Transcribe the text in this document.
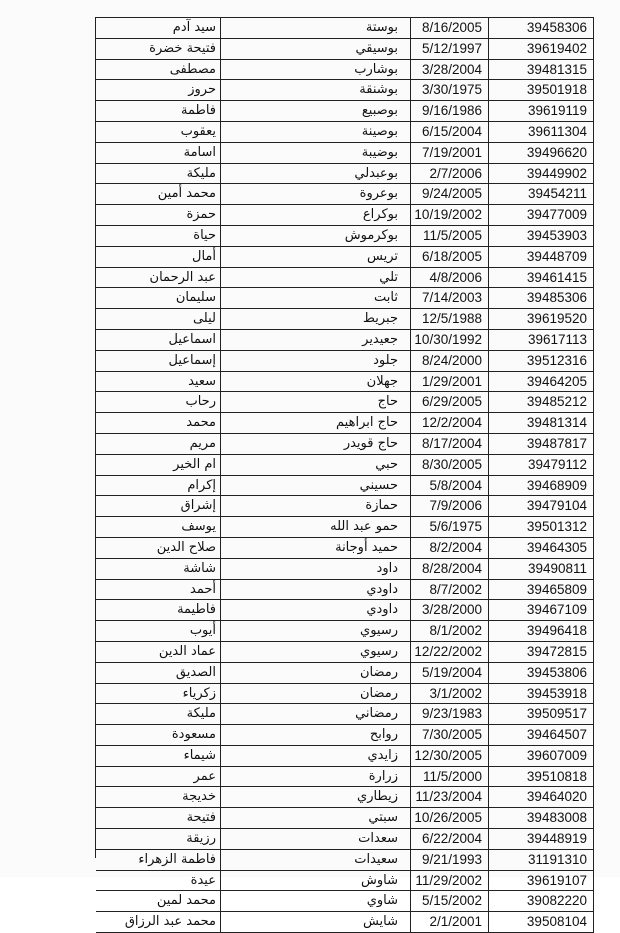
سيد آدم	بوستة	8/16/2005	39458306
فتيحة خضرة	بوسيقي	5/12/1997	39619402
مصطفى	بوشارب	3/28/2004	39481315
حروز	بوشنقة	3/30/1975	39501918
فاطمة	بوصبيع	9/16/1986	39619119
يعقوب	بوصينة	6/15/2004	39611304
اسامة	بوضيبة	7/19/2001	39496620
مليكة	بوعبدلي	2/7/2006	39449902
محمد أمين	بوعروة	9/24/2005	39454211
حمزة	بوكراع	10/19/2002	39477009
حياة	بوكرموش	11/5/2005	39453903
أمال	تريس	6/18/2005	39448709
عبد الرحمان	تلي	4/8/2006	39461415
سليمان	ثابت	7/14/2003	39485306
ليلى	جبريط	12/5/1988	39619520
اسماعيل	جعيدير	10/30/1992	39617113
إسماعيل	جلود	8/24/2000	39512316
سعيد	جهلان	1/29/2001	39464205
رحاب	حاج	6/29/2005	39485212
محمد	حاج ابراهيم	12/2/2004	39481314
مريم	حاج قويدر	8/17/2004	39487817
ام الخير	حبي	8/30/2005	39479112
إكرام	حسيني	5/8/2004	39468909
إشراق	حمازة	7/9/2006	39479104
يوسف	حمو عبد الله	5/6/1975	39501312
صلاح الدين	حميد أوجانة	8/2/2004	39464305
شاشة	داود	8/28/2004	39490811
أحمد	داودي	8/7/2002	39465809
فاطيمة	داودي	3/28/2000	39467109
أيوب	رسيوي	8/1/2002	39496418
عماد الدين	رسيوي	12/22/2002	39472815
الصديق	رمضان	5/19/2004	39453806
زكرياء	رمضان	3/1/2002	39453918
مليكة	رمضاني	9/23/1983	39509517
مسعودة	روابح	7/30/2005	39464507
شيماء	زايدي	12/30/2005	39607009
عمر	زرارة	11/5/2000	39510818
خديجة	زيطاري	11/23/2004	39464020
فتيحة	سبتي	10/26/2005	39483008
رزيقة	سعدات	6/22/2004	39448919
فاطمة الزهراء	سعيدات	9/21/1993	31191310
عيدة	شاوش	11/29/2002	39619107
محمد لمين	شاوي	5/15/2002	39082220
محمد عبد الرزاق	شايش	2/1/2001	39508104
